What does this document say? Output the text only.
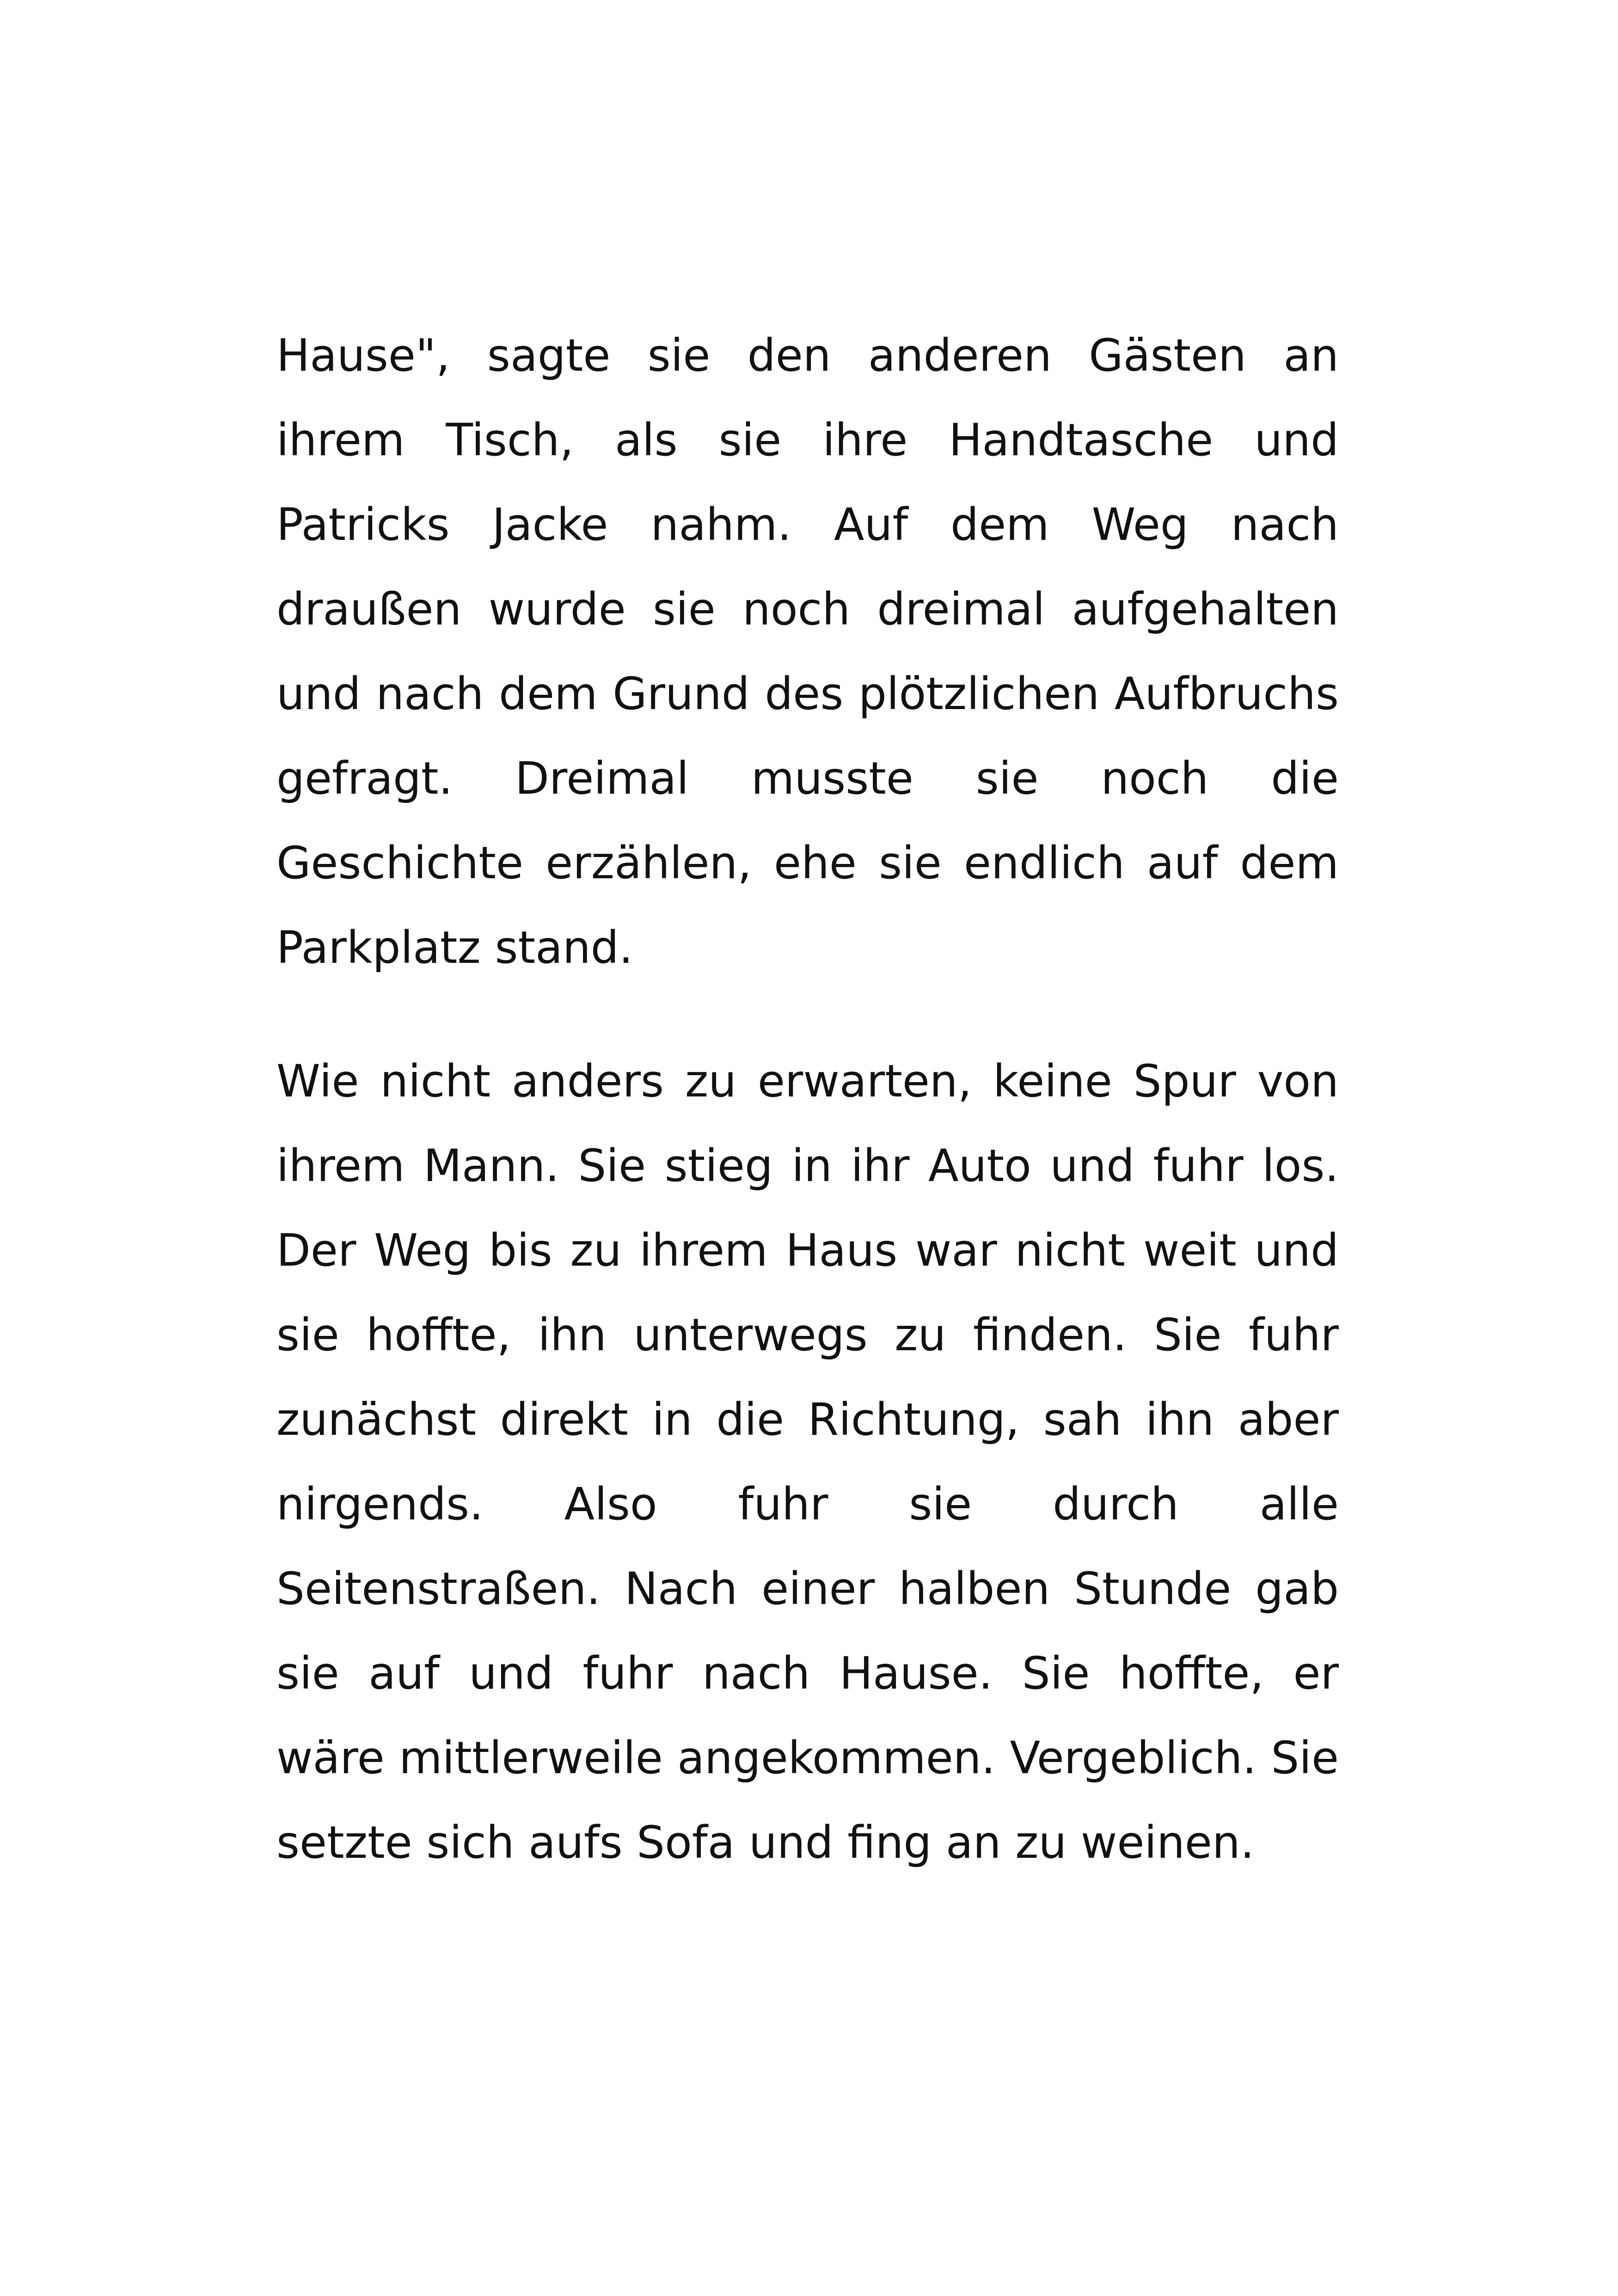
Hause", sagte sie den anderen Gästen an ihrem Tisch, als sie ihre Handtasche und Patricks Jacke nahm. Auf dem Weg nach draußen wurde sie noch dreimal aufgehalten und nach dem Grund des plötzlichen Aufbruchs gefragt. Dreimal musste sie noch die Geschichte erzählen, ehe sie endlich auf dem Parkplatz stand.

Wie nicht anders zu erwarten, keine Spur von ihrem Mann. Sie stieg in ihr Auto und fuhr los. Der Weg bis zu ihrem Haus war nicht weit und sie hoffte, ihn unterwegs zu finden. Sie fuhr zunächst direkt in die Richtung, sah ihn aber nirgends. Also fuhr sie durch alle Seitenstraßen. Nach einer halben Stunde gab sie auf und fuhr nach Hause. Sie hoffte, er wäre mittlerweile angekommen. Vergeblich. Sie setzte sich aufs Sofa und fing an zu weinen.
